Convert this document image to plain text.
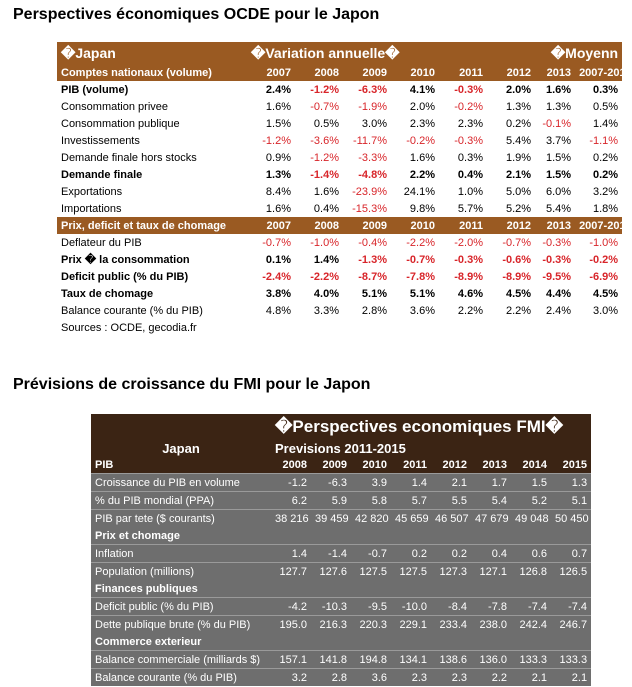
Perspectives économiques OCDE pour le Japon
�Japan	�Variation annuelle�						�Moyenn	
Comptes nationaux (volume)	2007	2008	2009	2010	2011	2012	2013	2007-2013
PIB (volume)	2.4%	-1.2%	-6.3%	4.1%	-0.3%	2.0%	1.6%	0.3%
Consommation privee	1.6%	-0.7%	-1.9%	2.0%	-0.2%	1.3%	1.3%	0.5%
Consommation publique	1.5%	0.5%	3.0%	2.3%	2.3%	0.2%	-0.1%	1.4%
Investissements	-1.2%	-3.6%	-11.7%	-0.2%	-0.3%	5.4%	3.7%	-1.1%
Demande finale hors stocks	0.9%	-1.2%	-3.3%	1.6%	0.3%	1.9%	1.5%	0.2%
Demande finale	1.3%	-1.4%	-4.8%	2.2%	0.4%	2.1%	1.5%	0.2%
Exportations	8.4%	1.6%	-23.9%	24.1%	1.0%	5.0%	6.0%	3.2%
Importations	1.6%	0.4%	-15.3%	9.8%	5.7%	5.2%	5.4%	1.8%
Prix, deficit et taux de chomage	2007	2008	2009	2010	2011	2012	2013	2007-2013
Deflateur du PIB	-0.7%	-1.0%	-0.4%	-2.2%	-2.0%	-0.7%	-0.3%	-1.0%
Prix � la consommation	0.1%	1.4%	-1.3%	-0.7%	-0.3%	-0.6%	-0.3%	-0.2%
Deficit public (% du PIB)	-2.4%	-2.2%	-8.7%	-7.8%	-8.9%	-8.9%	-9.5%	-6.9%
Taux de chomage	3.8%	4.0%	5.1%	5.1%	4.6%	4.5%	4.4%	4.5%
Balance courante (% du PIB)	4.8%	3.3%	2.8%	3.6%	2.2%	2.2%	2.4%	3.0%
Sources : OCDE, gecodia.fr								
Prévisions de croissance du FMI pour le Japon
	�Perspectives economiques FMI�							
Japan	Previsions 2011-2015							
PIB	2008	2009	2010	2011	2012	2013	2014	2015
Croissance du PIB en volume	-1.2	-6.3	3.9	1.4	2.1	1.7	1.5	1.3
% du PIB mondial (PPA)	6.2	5.9	5.8	5.7	5.5	5.4	5.2	5.1
PIB par tete ($ courants)	38 216	39 459	42 820	45 659	46 507	47 679	49 048	50 450
Prix et chomage								
Inflation	1.4	-1.4	-0.7	0.2	0.2	0.4	0.6	0.7
Population (millions)	127.7	127.6	127.5	127.5	127.3	127.1	126.8	126.5
Finances publiques								
Deficit public (% du PIB)	-4.2	-10.3	-9.5	-10.0	-8.4	-7.8	-7.4	-7.4
Dette publique brute (% du PIB)	195.0	216.3	220.3	229.1	233.4	238.0	242.4	246.7
Commerce exterieur								
Balance commerciale (milliards $)	157.1	141.8	194.8	134.1	138.6	136.0	133.3	133.3
Balance courante (% du PIB)	3.2	2.8	3.6	2.3	2.3	2.2	2.1	2.1
